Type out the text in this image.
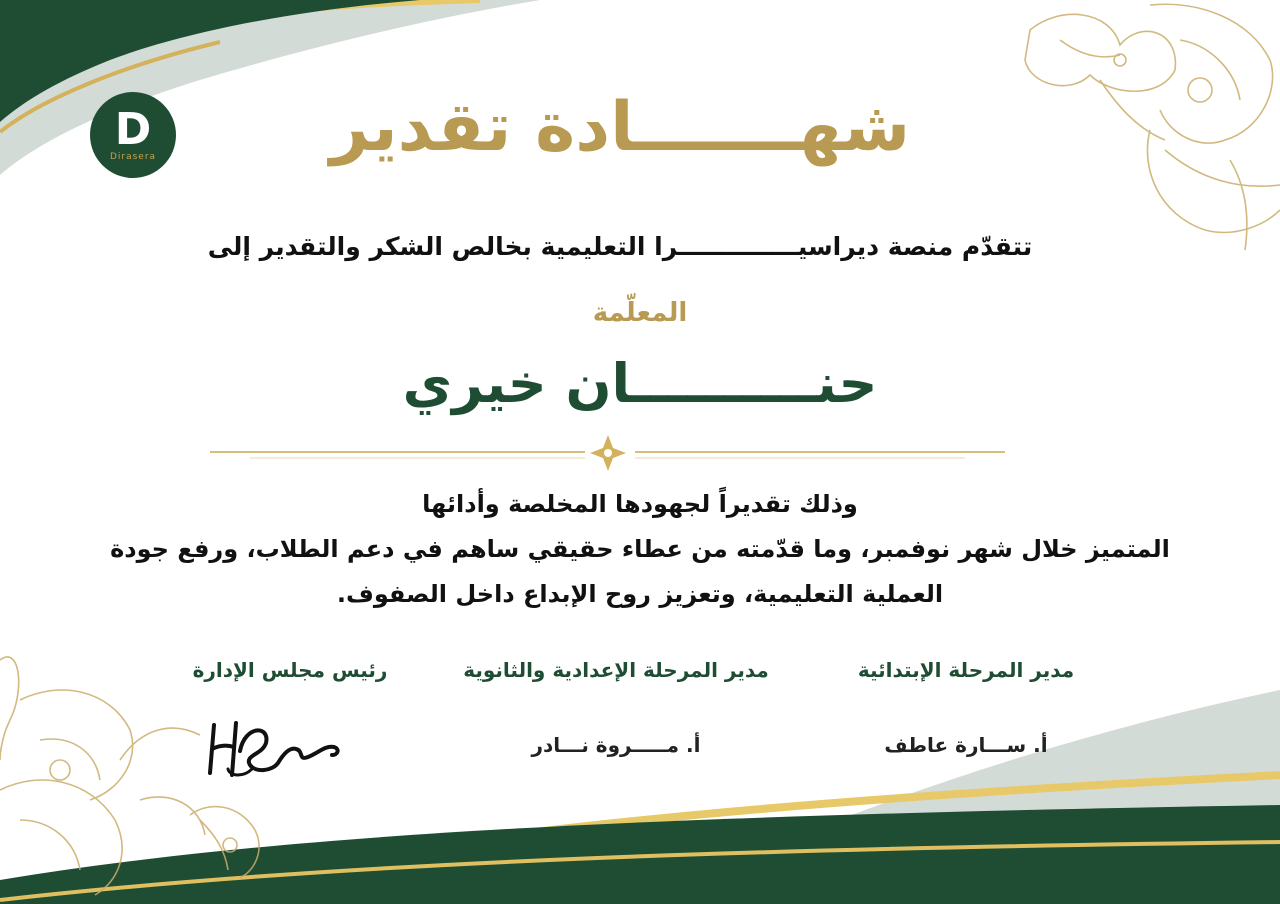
D
Dirasera	شهـــــــادة تقدير
تتقدّم منصة ديراسيــــــــــــــرا التعليمية بخالص الشكر والتقدير إلى
المعلّمة
حنــــــــــان خيري
وذلك تقديراً لجهودها المخلصة وأدائها
المتميز خلال شهر نوفمبر، وما قدّمته من عطاء حقيقي ساهم في دعم الطلاب، ورفع جودة
العملية التعليمية، وتعزيز روح الإبداع داخل الصفوف.
مدير المرحلة الإبتدائية
أ. ســـارة عاطف
مدير المرحلة الإعدادية والثانوية
أ. مـــــروة نـــادر
رئيس مجلس الإدارة
